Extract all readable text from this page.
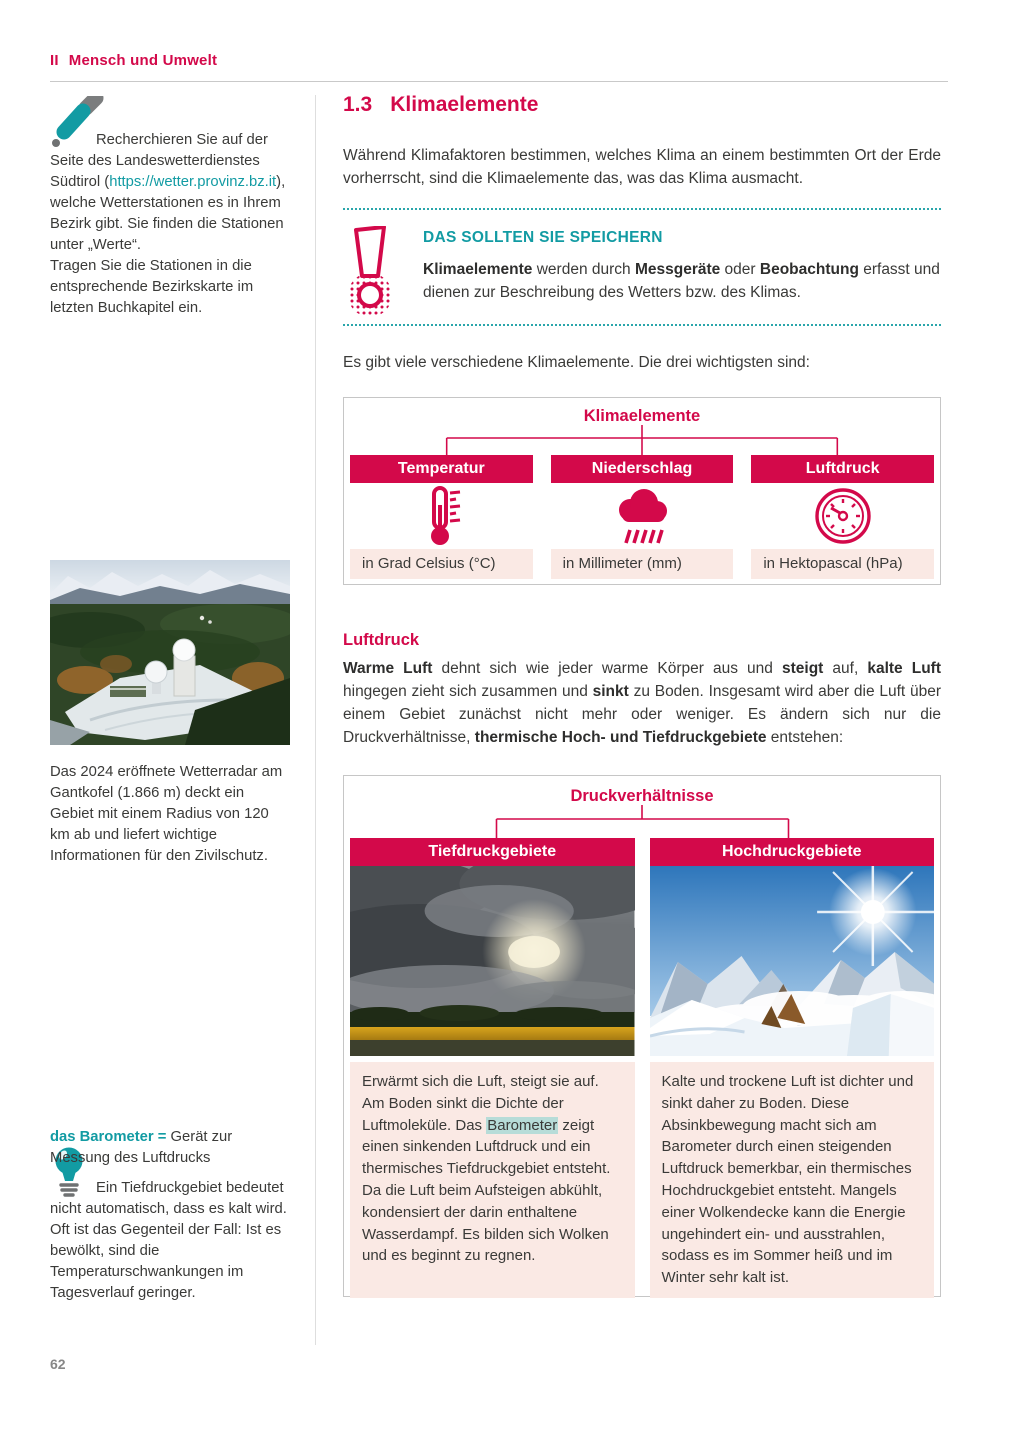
II Mensch und Umwelt

Recherchieren Sie auf der Seite des Landeswetterdienstes Südtirol (https://wetter.provinz.bz.it), welche Wetterstationen es in Ihrem Bezirk gibt. Sie finden die Stationen unter „Werte“.

Tragen Sie die Stationen in die entsprechende Bezirkskarte im letzten Buchkapitel ein.

Das 2024 eröffnete Wetterradar am Gantkofel (1.866 m) deckt ein Gebiet mit einem Radius von 120 km ab und liefert wichtige Informationen für den Zivilschutz.

Ein Tiefdruckgebiet bedeutet nicht automatisch, dass es kalt wird. Oft ist das Gegenteil der Fall: Ist es bewölkt, sind die Temperaturschwankungen im Tagesverlauf geringer.

das Barometer = Gerät zur Messung des Luftdrucks

1.3 Klimaelemente

Während Klimafaktoren bestimmen, welches Klima an einem bestimmten Ort der Erde vorherrscht, sind die Klimaelemente das, was das Klima ausmacht.

DAS SOLLTEN SIE SPEICHERN

Klimaelemente werden durch Messgeräte oder Beobachtung erfasst und dienen zur Beschreibung des Wetters bzw. des Klimas.

Es gibt viele verschiedene Klimaelemente. Die drei wichtigsten sind:

Klimaelemente
Temperatur
in Grad Celsius (°C)
Niederschlag
in Millimeter (mm)
Luftdruck
in Hektopascal (hPa)
Luftdruck

Warme Luft dehnt sich wie jeder warme Körper aus und steigt auf, kalte Luft hingegen zieht sich zusammen und sinkt zu Boden. Insgesamt wird aber die Luft über einem Gebiet zunächst nicht mehr oder weniger. Es ändern sich nur die Druckverhältnisse, thermische Hoch- und Tiefdruckgebiete entstehen:

Druckverhältnisse
Tiefdruckgebiete

Erwärmt sich die Luft, steigt sie auf. Am Boden sinkt die Dichte der Luftmoleküle. Das Barometer zeigt einen sinkenden Luftdruck und ein thermisches Tiefdruckgebiet entsteht. Da die Luft beim Aufsteigen abkühlt, kondensiert der darin enthaltene Wasserdampf. Es bilden sich Wolken und es beginnt zu regnen.

Hochdruckgebiete

Kalte und trockene Luft ist dichter und sinkt daher zu Boden. Diese Absinkbewegung macht sich am Barometer durch einen steigenden Luftdruck bemerkbar, ein thermisches Hochdruckgebiet entsteht. Mangels einer Wolkendecke kann die Energie ungehindert ein- und ausstrahlen, sodass es im Sommer heiß und im Winter sehr kalt ist.

62
